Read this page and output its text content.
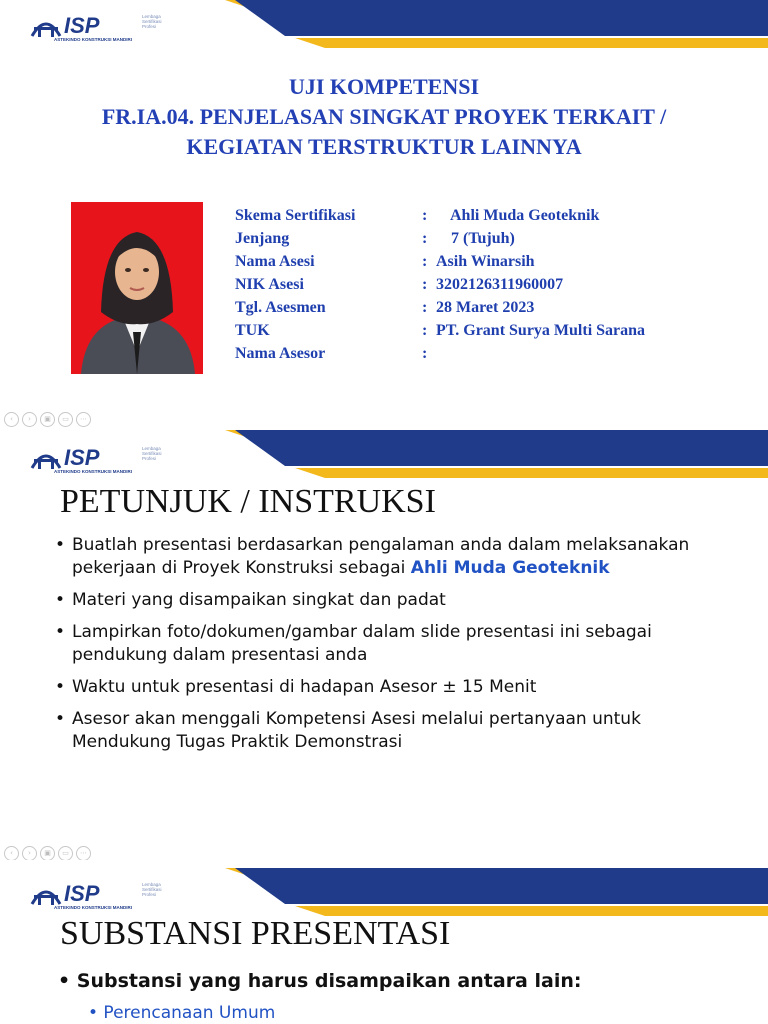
ISP	Lembaga Sertifikasi Profesi
ASTEKINDO KONSTRUKSI MANDIRI

UJI KOMPETENSI

FR.IA.04. PENJELASAN SINGKAT PROYEK TERKAIT /

KEGIATAN TERSTRUKTUR LAINNYA

Skema Sertifikasi	: Ahli Muda Geoteknik
Jenjang	: 7 (Tujuh)
Nama Asesi	: Asih Winarsih
NIK Asesi	: 3202126311960007
Tgl. Asesmen	: 28 Maret 2023
TUK	: PT. Grant Surya Multi Sarana
Nama Asesor	:
‹	›	▣	▭	⋯
ISP	Lembaga Sertifikasi Profesi
ASTEKINDO KONSTRUKSI MANDIRI
PETUNJUK / INSTRUKSI
• Buatlah presentasi berdasarkan pengalaman anda dalam melaksanakan pekerjaan di Proyek Konstruksi sebagai Ahli Muda Geoteknik
• Materi yang disampaikan singkat dan padat
• Lampirkan foto/dokumen/gambar dalam slide presentasi ini sebagai pendukung dalam presentasi anda
• Waktu untuk presentasi di hadapan Asesor ± 15 Menit
• Asesor akan menggali Kompetensi Asesi melalui pertanyaan untuk Mendukung Tugas Praktik Demonstrasi
‹	›	▣	▭	⋯
ISP	Lembaga Sertifikasi Profesi
ASTEKINDO KONSTRUKSI MANDIRI
SUBSTANSI PRESENTASI
• Substansi yang harus disampaikan antara lain:
• Perencanaan Umum
